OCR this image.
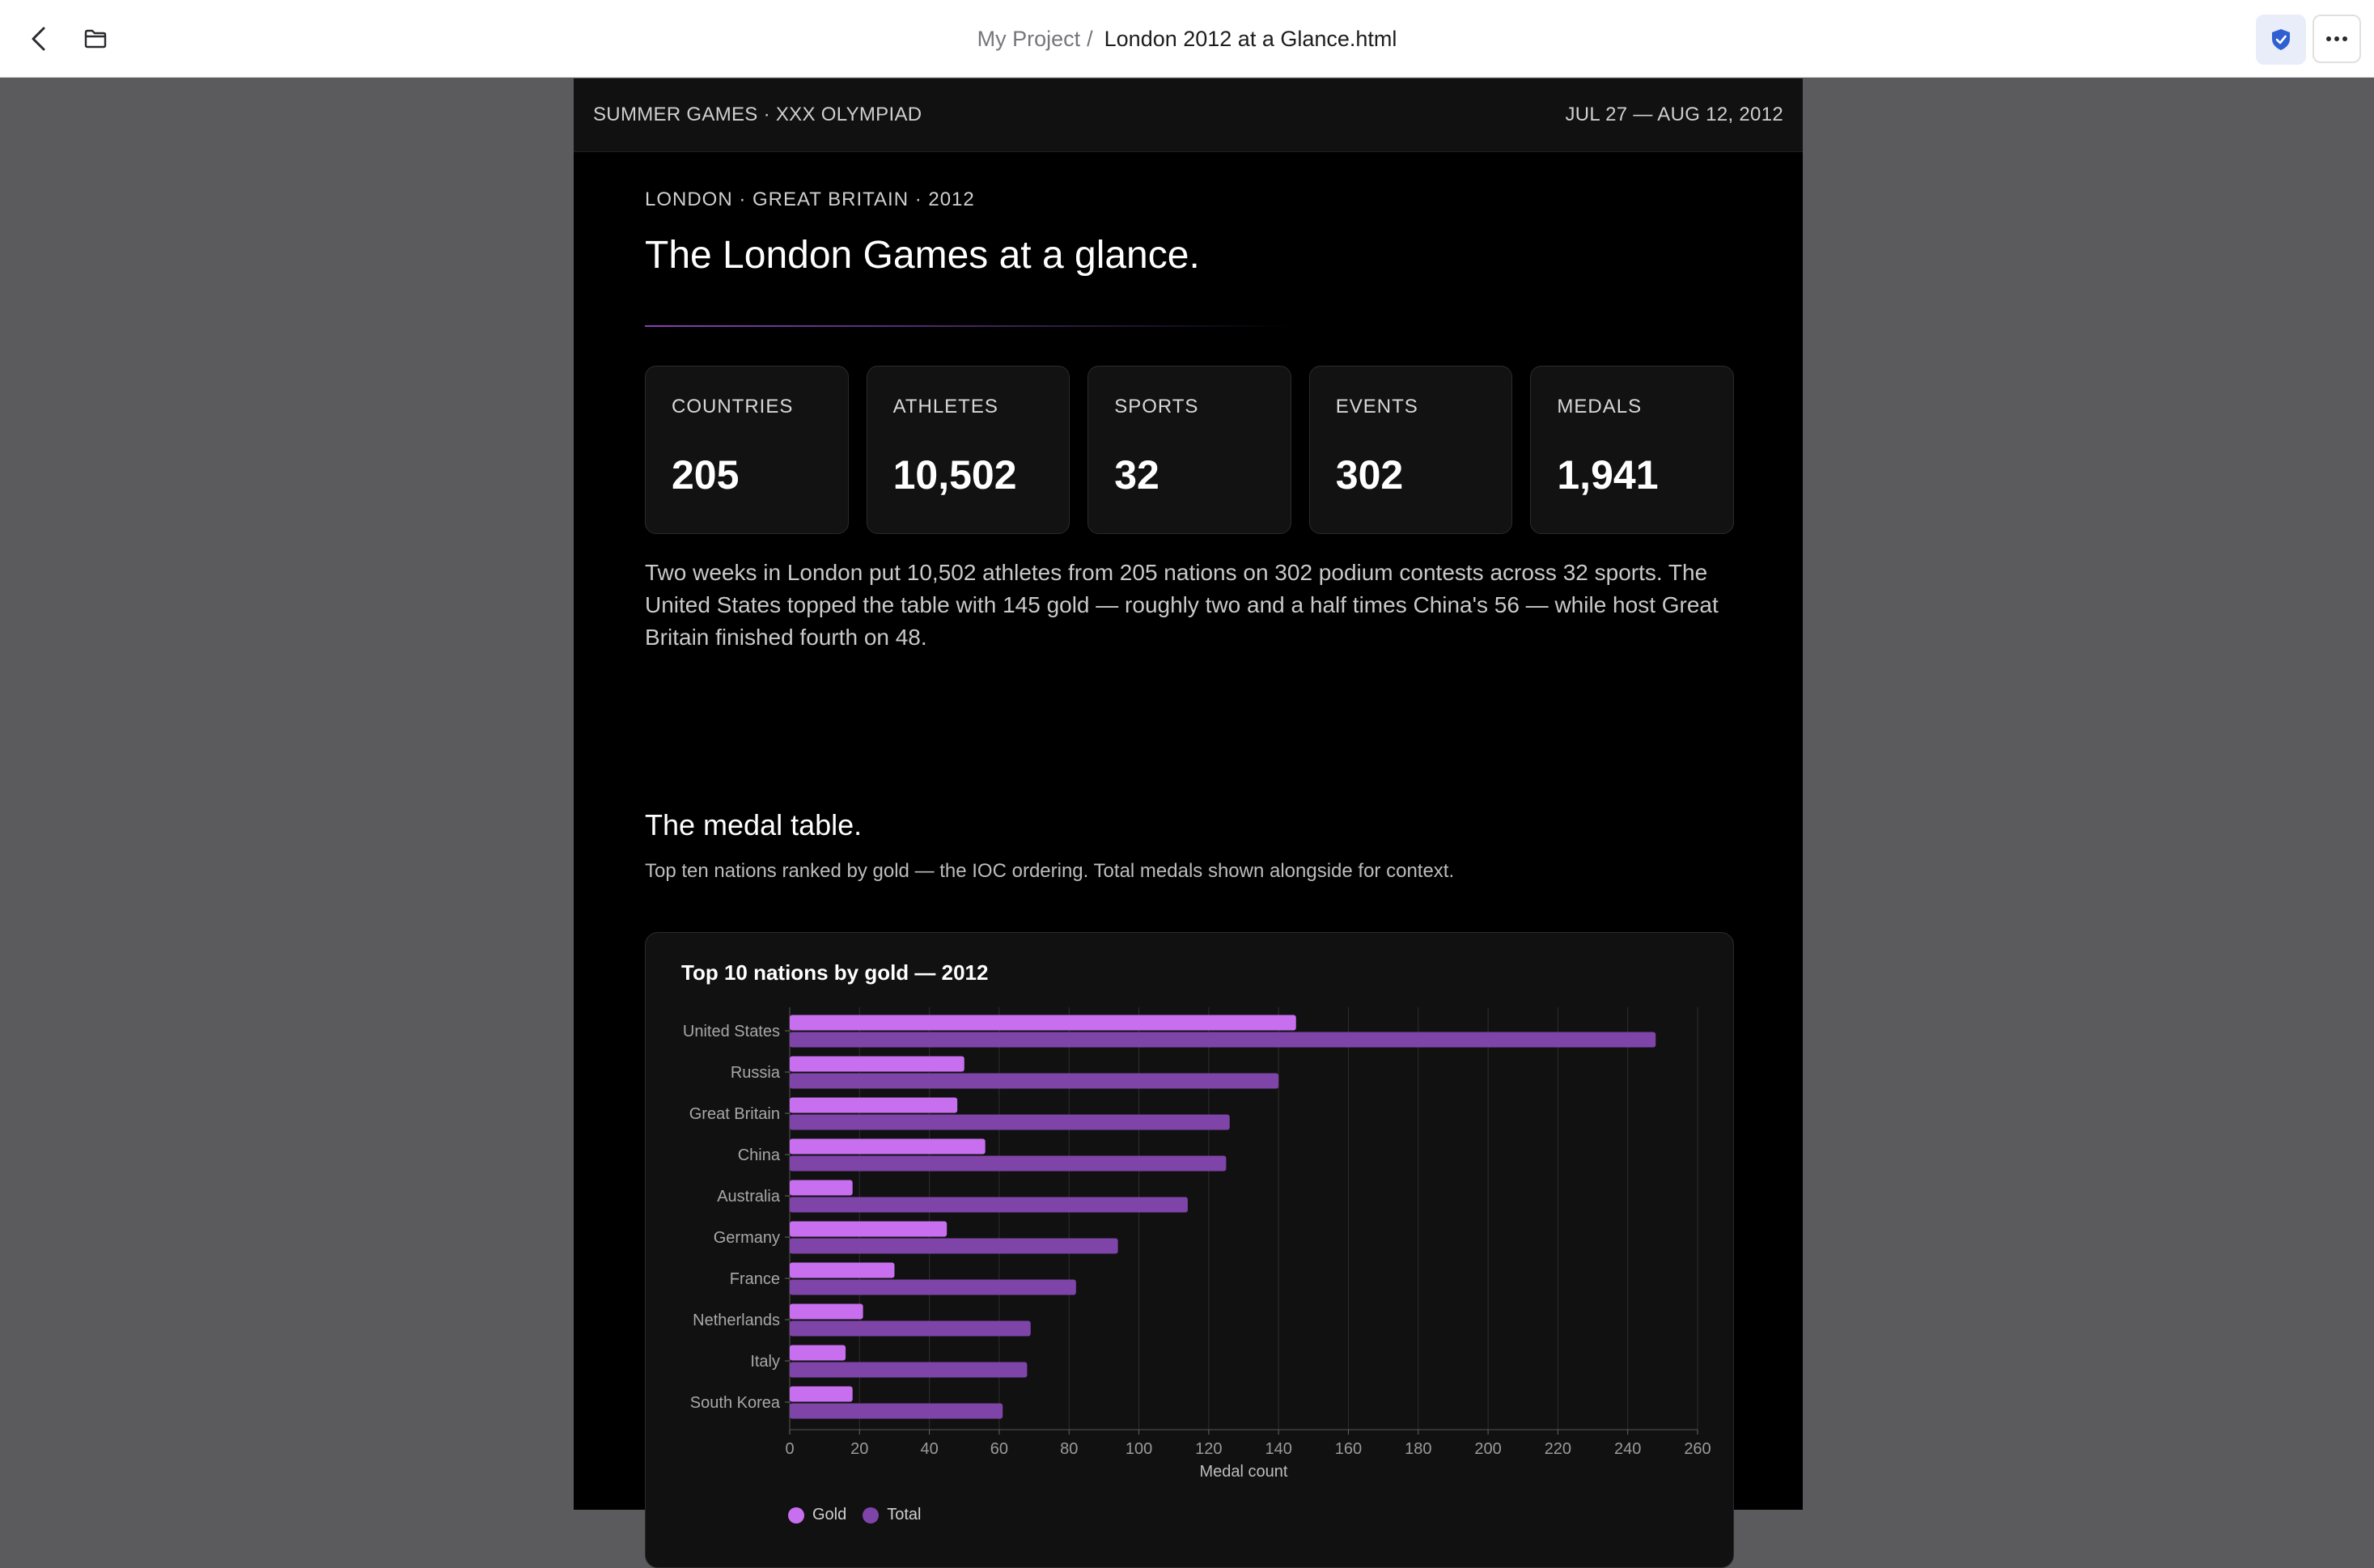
My Project / London 2012 at a Glance.html
SUMMER GAMES · XXX OLYMPIAD	JUL 27 — AUG 12, 2012
LONDON · GREAT BRITAIN · 2012
The London Games at a glance.
COUNTRIES
205
ATHLETES
10,502
SPORTS
32
EVENTS
302
MEDALS
1,941
Two weeks in London put 10,502 athletes from 205 nations on 302 podium contests across 32 sports. The United States topped the table with 145 gold — roughly two and a half times China's 56 — while host Great Britain finished fourth on 48.
The medal table.
Top ten nations ranked by gold — the IOC ordering. Total medals shown alongside for context.
Top 10 nations by gold — 2012
0	20	40	60	80	100	120	140	160	180	200	220	240	260
Medal count
United States
Russia
Great Britain
China
Australia
Germany
France
Netherlands
Italy
South Korea
Gold	Total
